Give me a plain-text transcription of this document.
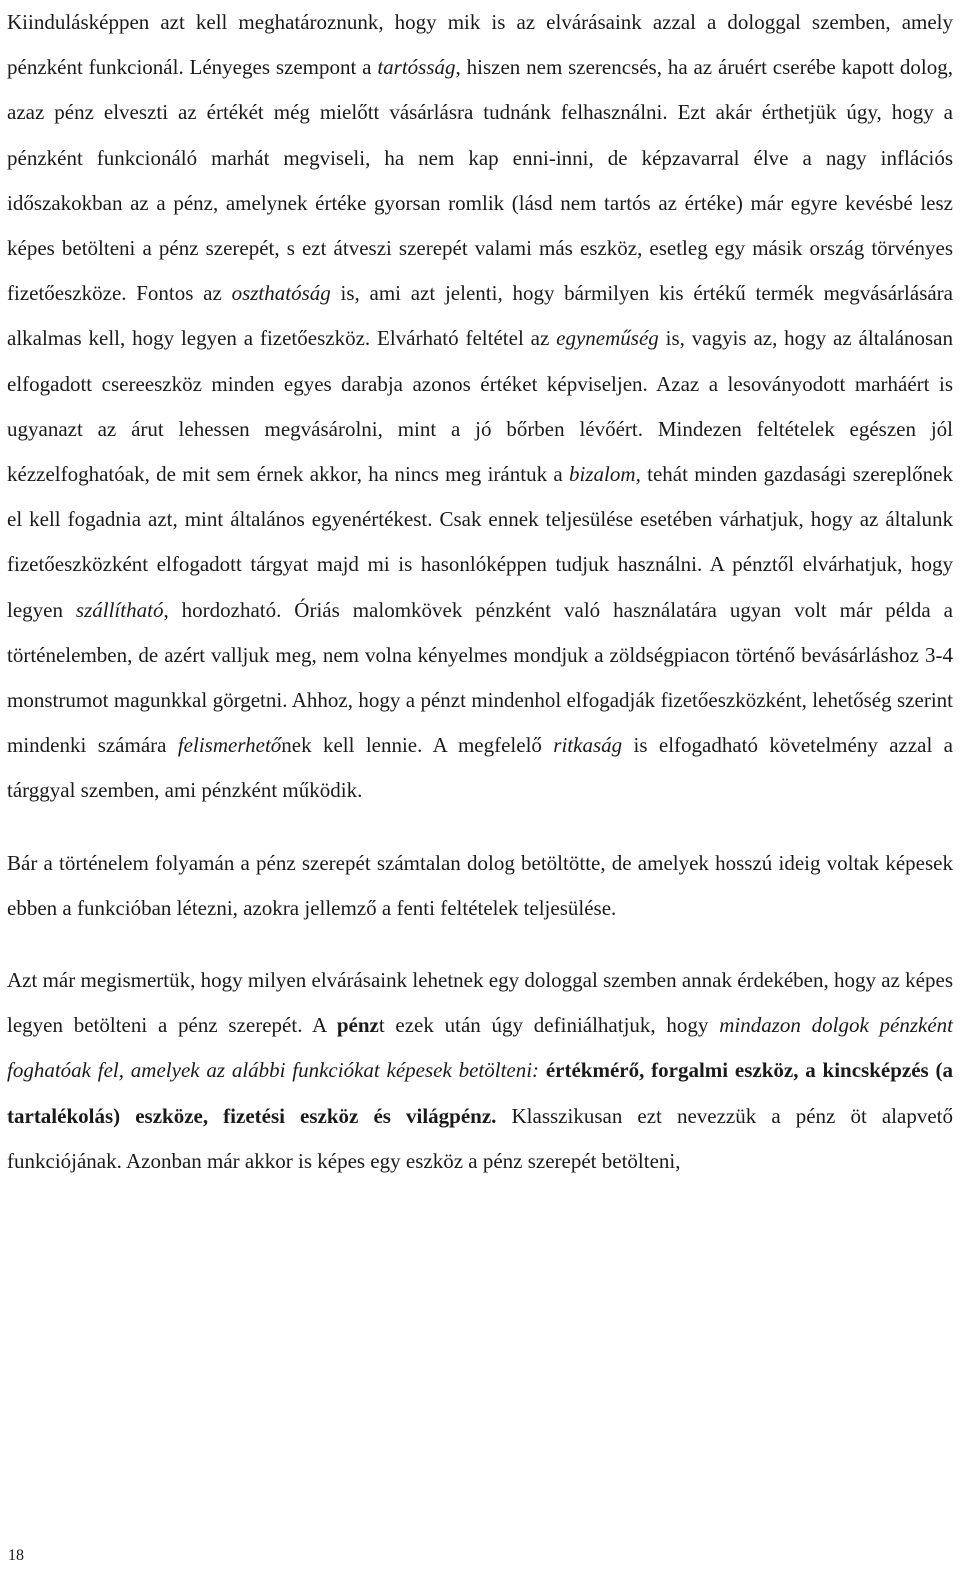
Kiindulásképpen azt kell meghatároznunk, hogy mik is az elvárásaink azzal a dologgal szemben, amely pénzként funkcionál. Lényeges szempont a tartósság, hiszen nem szerencsés, ha az áruért cserébe kapott dolog, azaz pénz elveszti az értékét még mielőtt vásárlásra tudnánk felhasználni. Ezt akár érthetjük úgy, hogy a pénzként funkcionáló marhát megviseli, ha nem kap enni-inni, de képzavarral élve a nagy inflációs időszakokban az a pénz, amelynek értéke gyorsan romlik (lásd nem tartós az értéke) már egyre kevésbé lesz képes betölteni a pénz szerepét, s ezt átveszi szerepét valami más eszköz, esetleg egy másik ország törvényes fizetőeszköze. Fontos az oszthatóság is, ami azt jelenti, hogy bármilyen kis értékű termék megvásárlására alkalmas kell, hogy legyen a fizetőeszköz. Elvárható feltétel az egyneműség is, vagyis az, hogy az általánosan elfogadott csereeszköz minden egyes darabja azonos értéket képviseljen. Azaz a lesoványodott marháért is ugyanazt az árut lehessen megvásárolni, mint a jó bőrben lévőért. Mindezen feltételek egészen jól kézzelfoghatóak, de mit sem érnek akkor, ha nincs meg irántuk a bizalom, tehát minden gazdasági szereplőnek el kell fogadnia azt, mint általános egyenértékest. Csak ennek teljesülése esetében várhatjuk, hogy az általunk fizetőeszközként elfogadott tárgyat majd mi is hasonlóképpen tudjuk használni. A pénztől elvárhatjuk, hogy legyen szállítható, hordozható. Óriás malomkövek pénzként való használatára ugyan volt már példa a történelemben, de azért valljuk meg, nem volna kényelmes mondjuk a zöldségpiacon történő bevásárláshoz 3-4 monstrumot magunkkal görgetni. Ahhoz, hogy a pénzt mindenhol elfogadják fizetőeszközként, lehetőség szerint mindenki számára felismerhetőnek kell lennie. A megfelelő ritkaság is elfogadható követelmény azzal a tárggyal szemben, ami pénzként működik.

Bár a történelem folyamán a pénz szerepét számtalan dolog betöltötte, de amelyek hosszú ideig voltak képesek ebben a funkcióban létezni, azokra jellemző a fenti feltételek teljesülése.

Azt már megismertük, hogy milyen elvárásaink lehetnek egy dologgal szemben annak érdekében, hogy az képes legyen betölteni a pénz szerepét. A pénzt ezek után úgy definiálhatjuk, hogy mindazon dolgok pénzként foghatóak fel, amelyek az alábbi funkciókat képesek betölteni: értékmérő, forgalmi eszköz, a kincsképzés (a tartalékolás) eszköze, fizetési eszköz és világpénz. Klasszikusan ezt nevezzük a pénz öt alapvető funkciójának. Azonban már akkor is képes egy eszköz a pénz szerepét betölteni,

18
